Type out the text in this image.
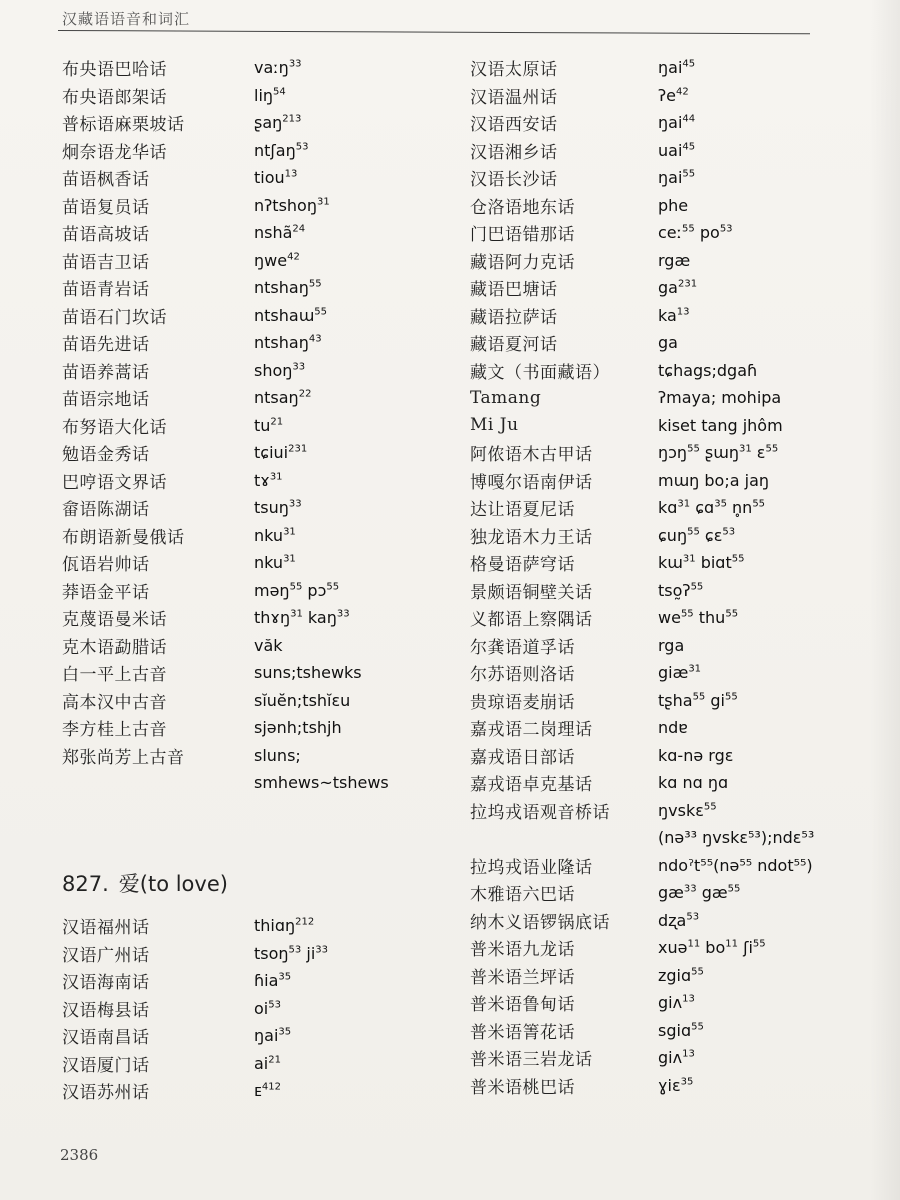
汉藏语语音和词汇
布央语巴哈话	vaːŋ$^{33}$
布央语郎架话	liŋ$^{54}$
普标语麻栗坡话	ʂaŋ$^{213}$
炯奈语龙华话	ntʃaŋ$^{53}$
苗语枫香话	tiou$^{13}$
苗语复员话	nʔtshoŋ$^{31}$
苗语高坡话	nshã$^{24}$
苗语吉卫话	ŋwe$^{42}$
苗语青岩话	ntshaŋ$^{55}$
苗语石门坎话	ntshaɯ$^{55}$
苗语先进话	ntshaŋ$^{43}$
苗语养蒿话	shoŋ$^{33}$
苗语宗地话	ntsaŋ$^{22}$
布努语大化话	$tu^{21}$
勉语金秀话	tɕiui$^{231}$
巴哼语文界话	tɤ$^{31}$
畲语陈湖话	tsuŋ$^{33}$
布朗语新曼俄话	nku$^{31}$
佤语岩帅话	nku$^{31}$
莽语金平话	məŋ$^{55}$ pɔ$^{55}$
克蔑语曼米话	thɤŋ$^{31}$ kaŋ$^{33}$
克木语勐腊话	văk
白一平上古音	suns;tshewks
高本汉中古音	sĭuĕn;tshĭɛu
李方桂上古音	sjənh;tshjh
郑张尚芳上古音	sluns;
smhews~tshews
汉语太原话	ŋai$^{45}$
汉语温州话	ʔe$^{42}$
汉语西安话	ŋai$^{44}$
汉语湘乡话	uai$^{45}$
汉语长沙话	ŋai$^{55}$
仓洛语地东话	phe
门巴语错那话	ceː$^{55}$ $po^{53}$
藏语阿力克话	rgæ
藏语巴塘话	$ga^{231}$
藏语拉萨话	$ka^{13}$
藏语夏河话	ga
藏文（书面藏语）	tɕhags;dgaɦ
Tamang	ʔmaya; mohipa
Mi Ju	kiset tang jhôm
阿侬语木古甲话	ŋɔŋ$^{55}$ ʂɯŋ$^{31}$ ɛ$^{55}$
博嘎尔语南伊话	mɯŋ bo;a jaŋ
达让语夏尼话	kɑ$^{31}$ ɕɑ$^{35}$ $n̥n^{55}$
独龙语木力王话	ɕuŋ$^{55}$ ɕɛ$^{53}$
格曼语萨穹话	kɯ$^{31}$ biɑt$^{55}$
景颇语铜壁关话	tso̰ʔ$^{55}$
义都语上察隅话	$we^{55}$ thu$^{55}$
尔龚语道孚话	rga
尔苏语则洛话	giæ$^{31}$
贵琼语麦崩话	tʂha$^{55}$ $gi^{55}$
嘉戎语二岗理话	ndɐ
嘉戎语日部话	kɑ-nə rgɛ
嘉戎语卓克基话	kɑ nɑ ŋɑ
拉坞戎语观音桥话	ŋvskɛ$^{55}$
(nə³³ ŋvskɛ⁵³);ndɛ⁵³
拉坞戎语业隆话	ndoˀt⁵⁵(nə⁵⁵ ndot⁵⁵)
木雅语六巴话	$gæ^{33}$ $gæ^{55}$
纳木义语锣锅底话	dʐa$^{53}$
普米语九龙话	xuə$^{11}$ $bo^{11}$ ʃi$^{55}$
普米语兰坪话	zgiɑ$^{55}$
普米语鲁甸话	giʌ$^{13}$
普米语箐花话	sgiɑ$^{55}$
普米语三岩龙话	giʌ$^{13}$
普米语桃巴话	ɣiɛ$^{35}$
827. 爱(to love)
汉语福州话	thiɑŋ$^{212}$
汉语广州话	tsoŋ$^{53}$ $ji^{33}$
汉语海南话	ɦia$^{35}$
汉语梅县话	$oi^{53}$
汉语南昌话	ŋai$^{35}$
汉语厦门话	$ai^{21}$
汉语苏州话	ᴇ$^{412}$
2386
